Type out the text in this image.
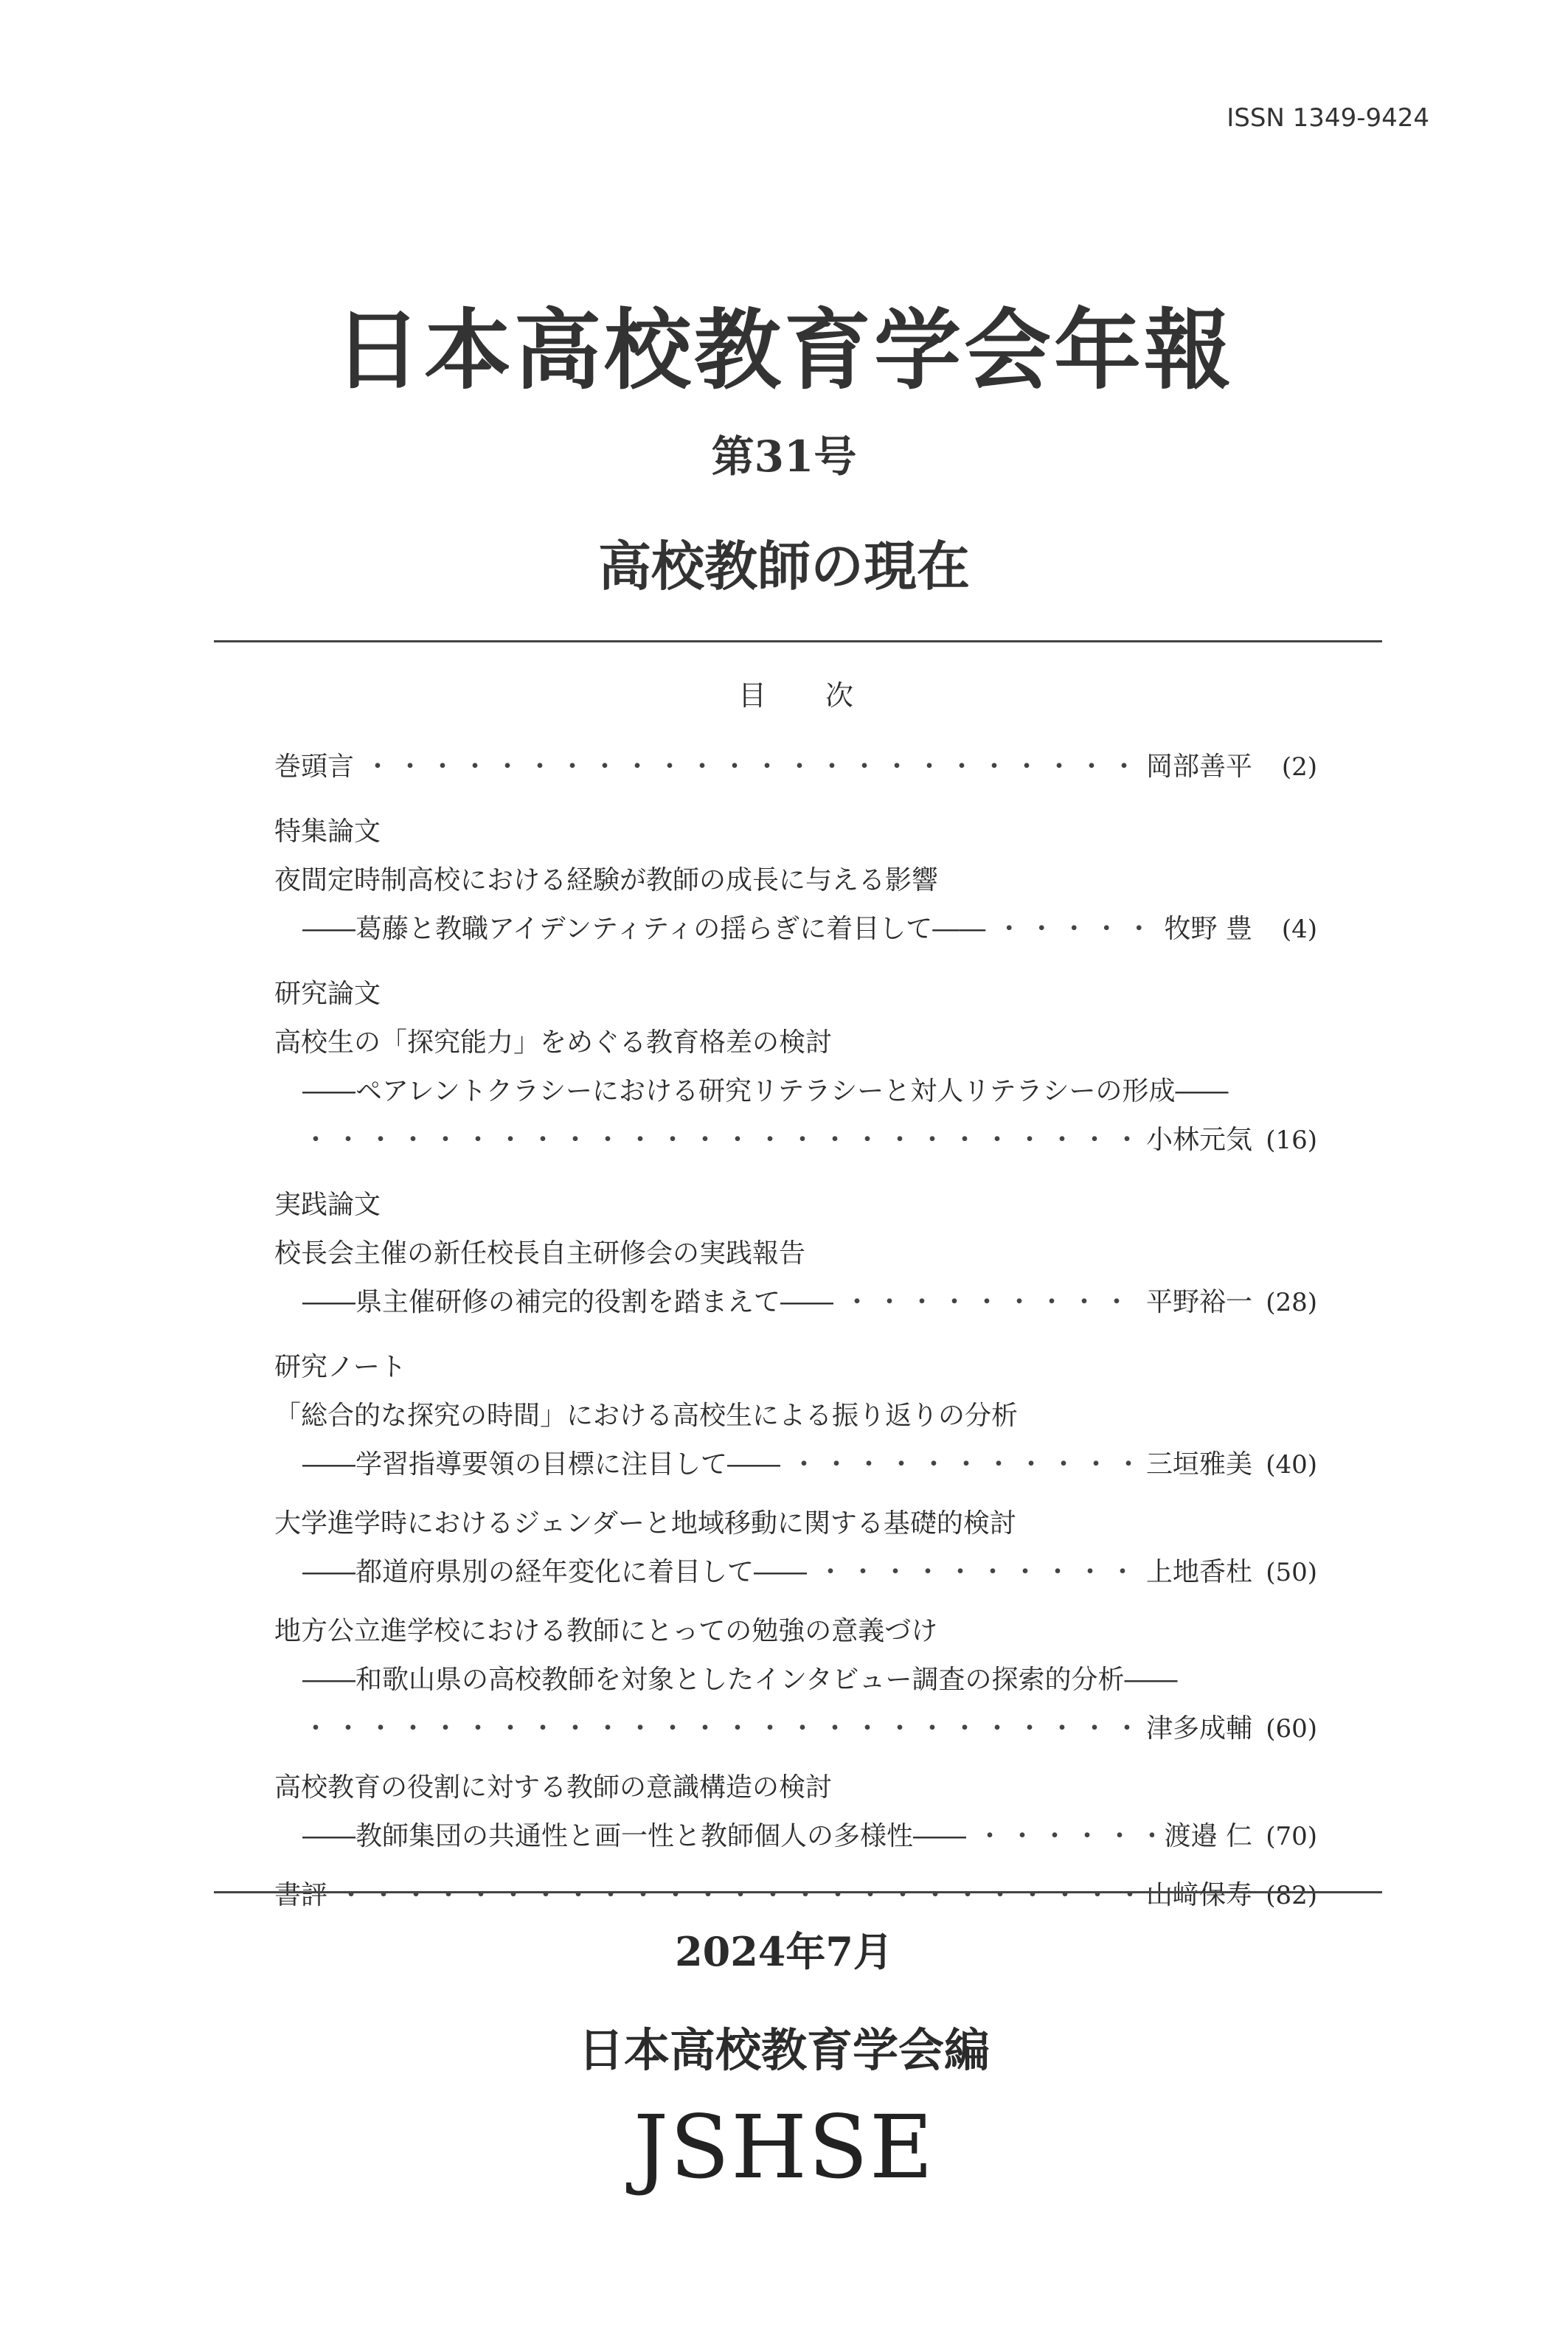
ISSN 1349-9424
日本高校教育学会年報
第31号
高校教師の現在
目次
巻頭言 ・・・・・・・・・・・・・・・・・・・・・・・・・・・・・・・・・・・・・・・・・・・・・・・・・・・・・・・・・・・・・・・・・・・・・・・・・・・・・・・・	岡部善平	(2)
特集論文
夜間定時制高校における経験が教師の成長に与える影響
――葛藤と教職アイデンティティの揺らぎに着目して―― ・・・・・・・・・・・・・・・・・・・・・・・・・・・・・・・・・・・・・・・・・・・・・・・・・・・・・・・・・・・・・・・・・・・・・・・・・・・・・・・・	牧野 豊	(4)
研究論文
高校生の「探究能力」をめぐる教育格差の検討
――ペアレントクラシーにおける研究リテラシーと対人リテラシーの形成――
・・・・・・・・・・・・・・・・・・・・・・・・・・・・・・・・・・・・・・・・・・・・・・・・・・・・・・・・・・・・・・・・・・・・・・・・・・・・・・・・
小林元気 (16)
実践論文
校長会主催の新任校長自主研修会の実践報告
――県主催研修の補完的役割を踏まえて―― ・・・・・・・・・・・・・・・・・・・・・・・・・・・・・・・・・・・・・・・・・・・・・・・・・・・・・・・・・・・・・・・・・・・・・・・・・・・・・・・・	平野裕一 (28)
研究ノート
「総合的な探究の時間」における高校生による振り返りの分析
――学習指導要領の目標に注目して―― ・・・・・・・・・・・・・・・・・・・・・・・・・・・・・・・・・・・・・・・・・・・・・・・・・・・・・・・・・・・・・・・・・・・・・・・・・・・・・・・・	三垣雅美 (40)
大学進学時におけるジェンダーと地域移動に関する基礎的検討
――都道府県別の経年変化に着目して―― ・・・・・・・・・・・・・・・・・・・・・・・・・・・・・・・・・・・・・・・・・・・・・・・・・・・・・・・・・・・・・・・・・・・・・・・・・・・・・・・・	上地香杜 (50)
地方公立進学校における教師にとっての勉強の意義づけ
――和歌山県の高校教師を対象としたインタビュー調査の探索的分析――
・・・・・・・・・・・・・・・・・・・・・・・・・・・・・・・・・・・・・・・・・・・・・・・・・・・・・・・・・・・・・・・・・・・・・・・・・・・・・・・・
津多成輔 (60)
高校教育の役割に対する教師の意識構造の検討
――教師集団の共通性と画一性と教師個人の多様性―― ・・・・・・・・・・・・・・・・・・・・・・・・・・・・・・・・・・・・・・・・・・・・・・・・・・・・・・・・・・・・・・・・・・・・・・・・・・・・・・・・	渡邉 仁 (70)
書評 ・・・・・・・・・・・・・・・・・・・・・・・・・・・・・・・・・・・・・・・・・・・・・・・・・・・・・・・・・・・・・・・・・・・・・・・・・・・・・・・・	山﨑保寿 (82)
2024年7月
日本高校教育学会編
JSHSE
